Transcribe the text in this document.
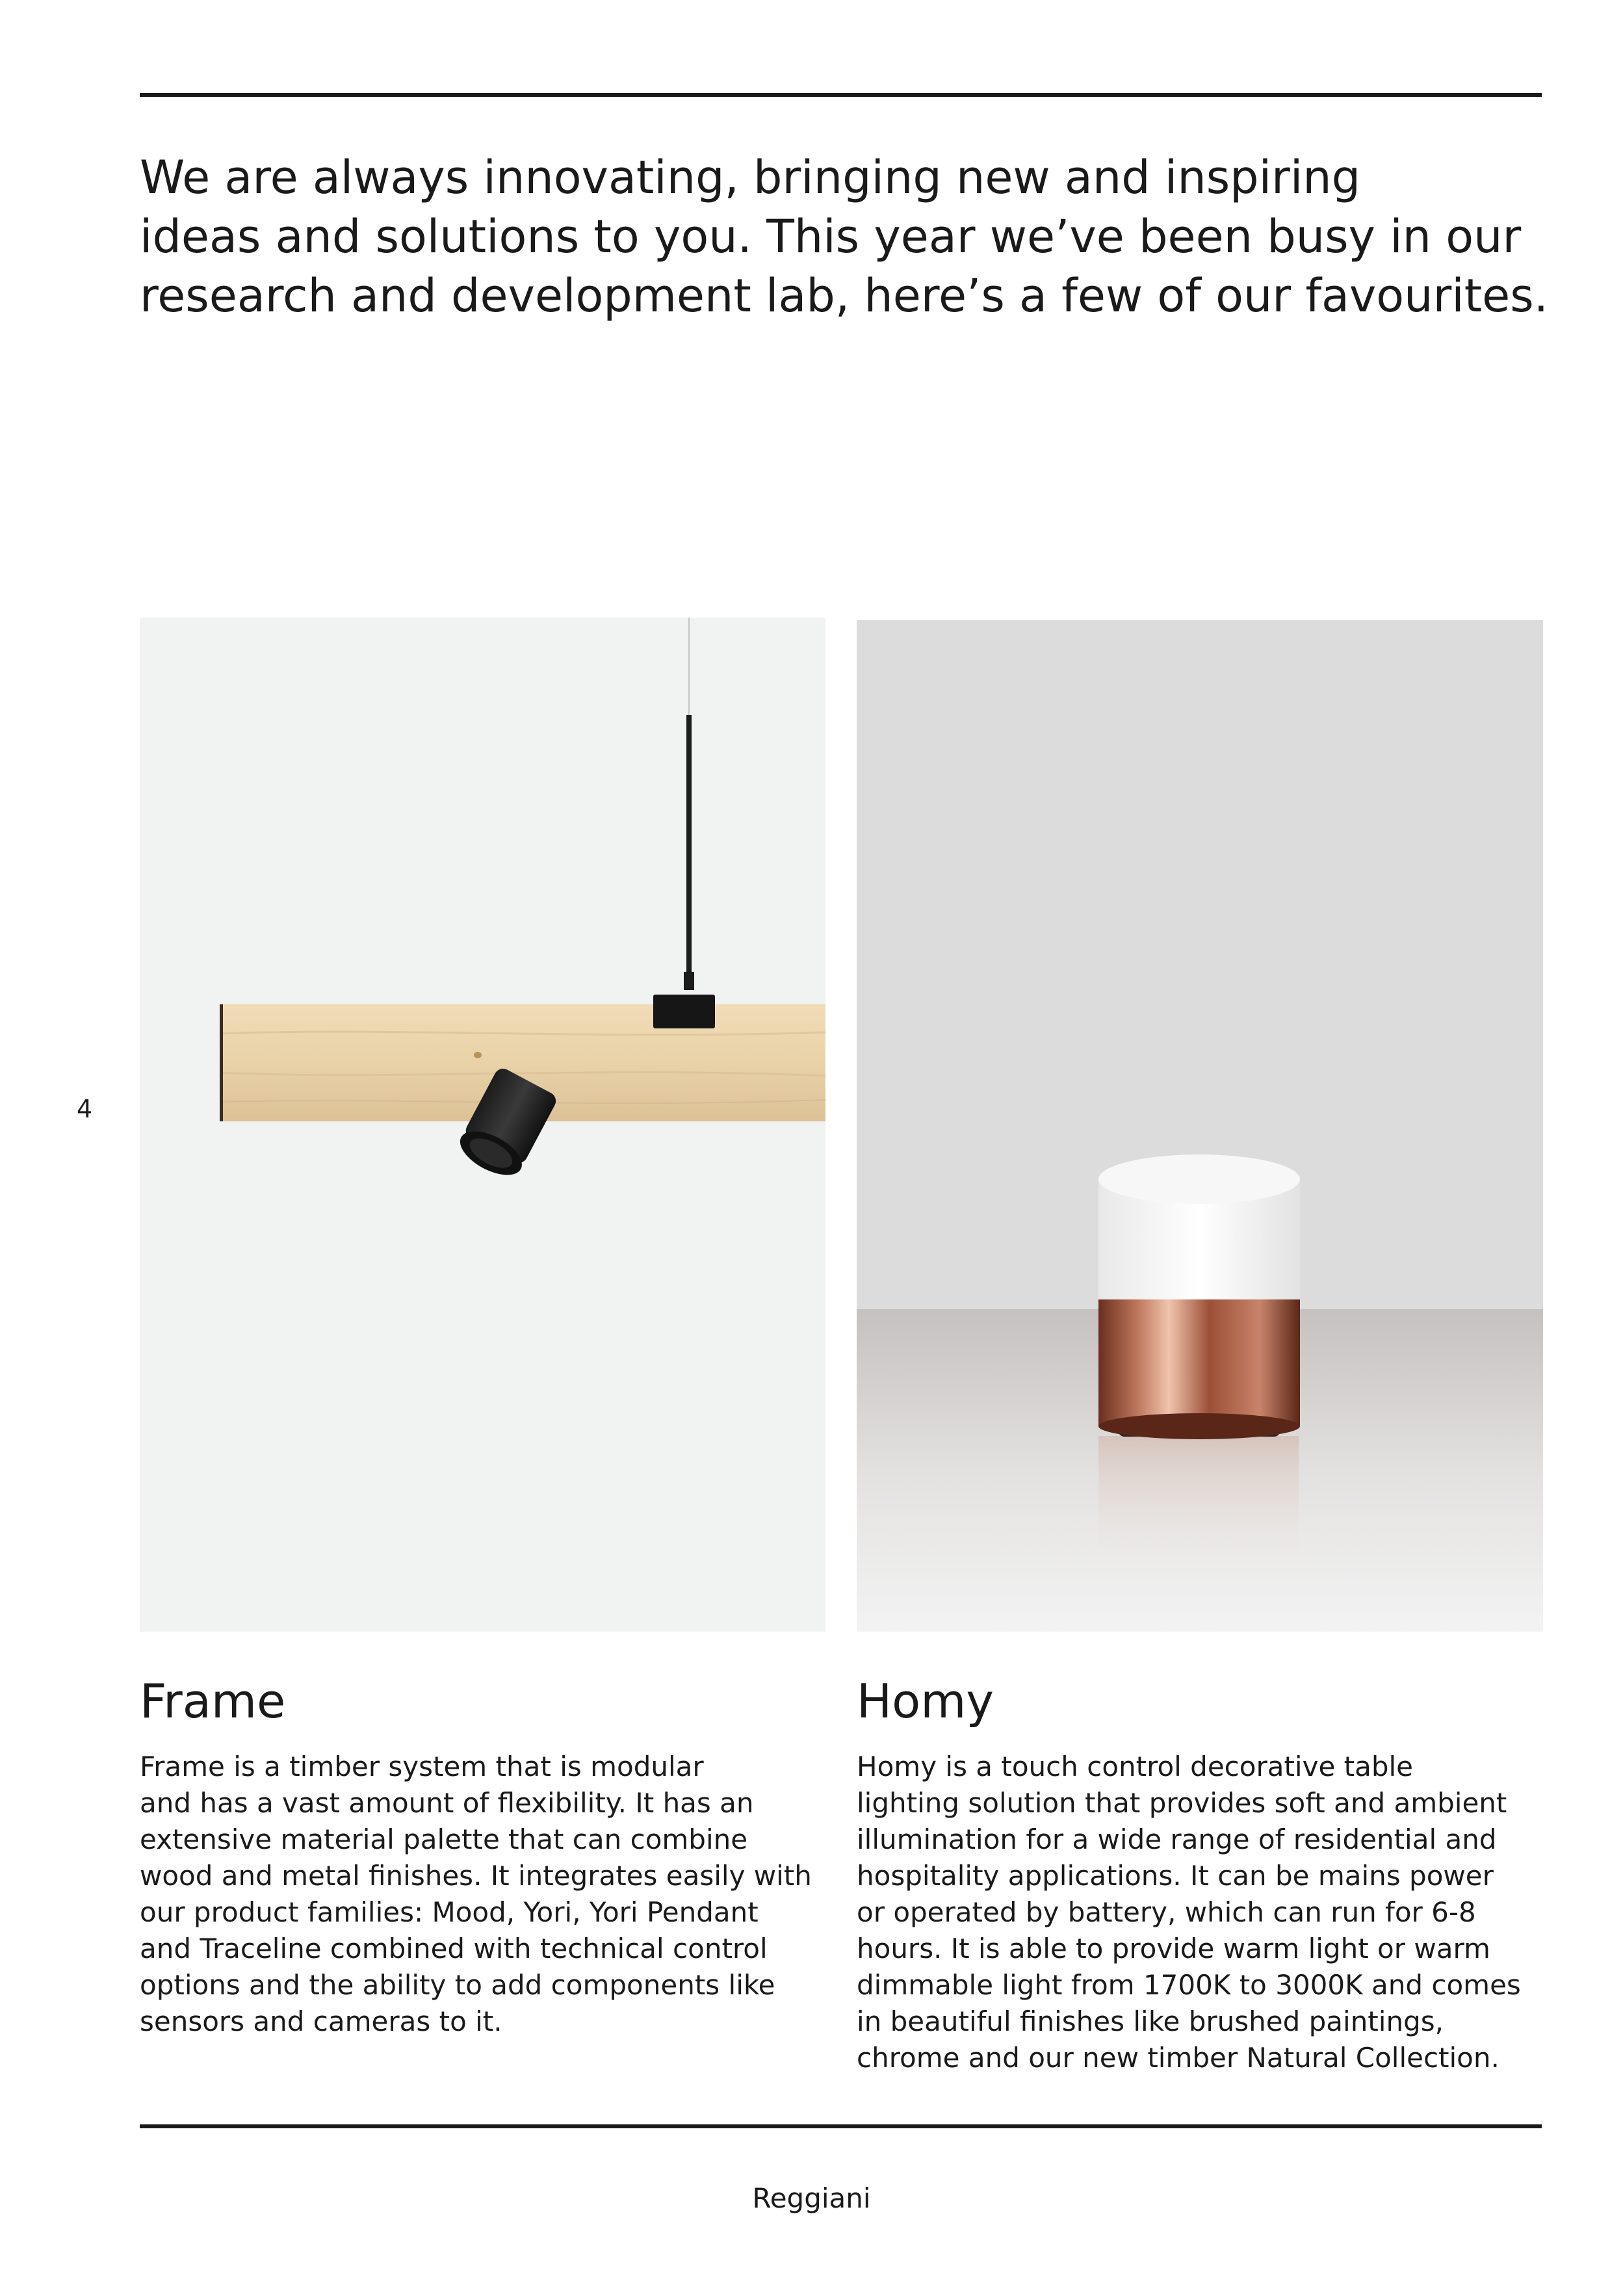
We are always innovating, bringing new and inspiring
ideas and solutions to you. This year we’ve been busy in our
research and development lab, here’s a few of our favourites.
4
Frame
Frame is a timber system that is modular
and has a vast amount of flexibility. It has an
extensive material palette that can combine
wood and metal finishes. It integrates easily with
our product families: Mood, Yori, Yori Pendant
and Traceline combined with technical control
options and the ability to add components like
sensors and cameras to it.
Homy
Homy is a touch control decorative table
lighting solution that provides soft and ambient
illumination for a wide range of residential and
hospitality applications. It can be mains power
or operated by battery, which can run for 6-8
hours. It is able to provide warm light or warm
dimmable light from 1700K to 3000K and comes
in beautiful finishes like brushed paintings,
chrome and our new timber Natural Collection.
Reggiani
